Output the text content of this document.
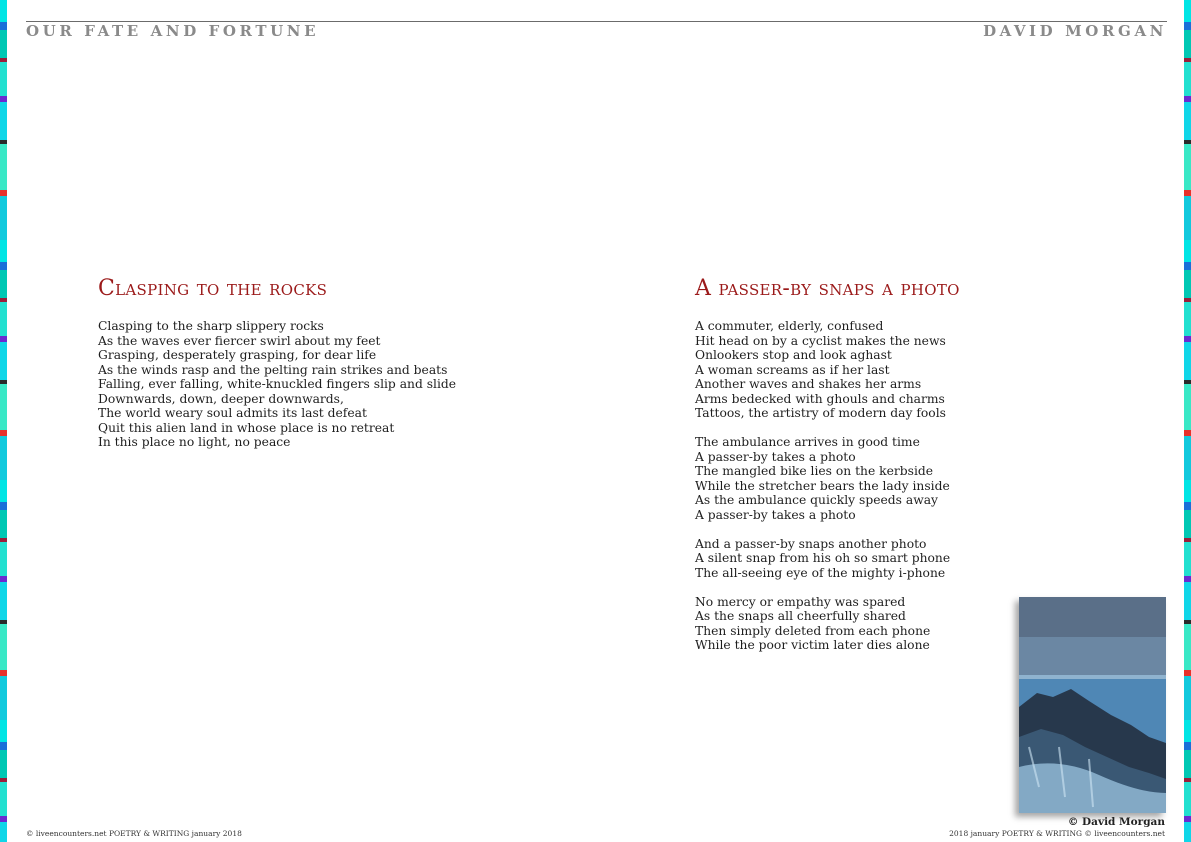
OUR FATE AND FORTUNE	DAVID MORGAN
Clasping to the rocks
Clasping to the sharp slippery rocks
As the waves ever fiercer swirl about my feet
Grasping, desperately grasping, for dear life
As the winds rasp and the pelting rain strikes and beats
Falling, ever falling, white-knuckled fingers slip and slide
Downwards, down, deeper downwards,
The world weary soul admits its last defeat
Quit this alien land in whose place is no retreat
In this place no light, no peace
A passer-by snaps a photo
A commuter, elderly, confused
Hit head on by a cyclist makes the news
Onlookers stop and look aghast
A woman screams as if her last
Another waves and shakes her arms
Arms bedecked with ghouls and charms
Tattoos, the artistry of modern day fools
The ambulance arrives in good time
A passer-by takes a photo
The mangled bike lies on the kerbside
While the stretcher bears the lady inside
As the ambulance quickly speeds away
A passer-by takes a photo
And a passer-by snaps another photo
A silent snap from his oh so smart phone
The all-seeing eye of the mighty i-phone
No mercy or empathy was spared
As the snaps all cheerfully shared
Then simply deleted from each phone
While the poor victim later dies alone
© David Morgan
© liveencounters.net POETRY & WRITING january 2018	2018 january POETRY & WRITING © liveencounters.net
